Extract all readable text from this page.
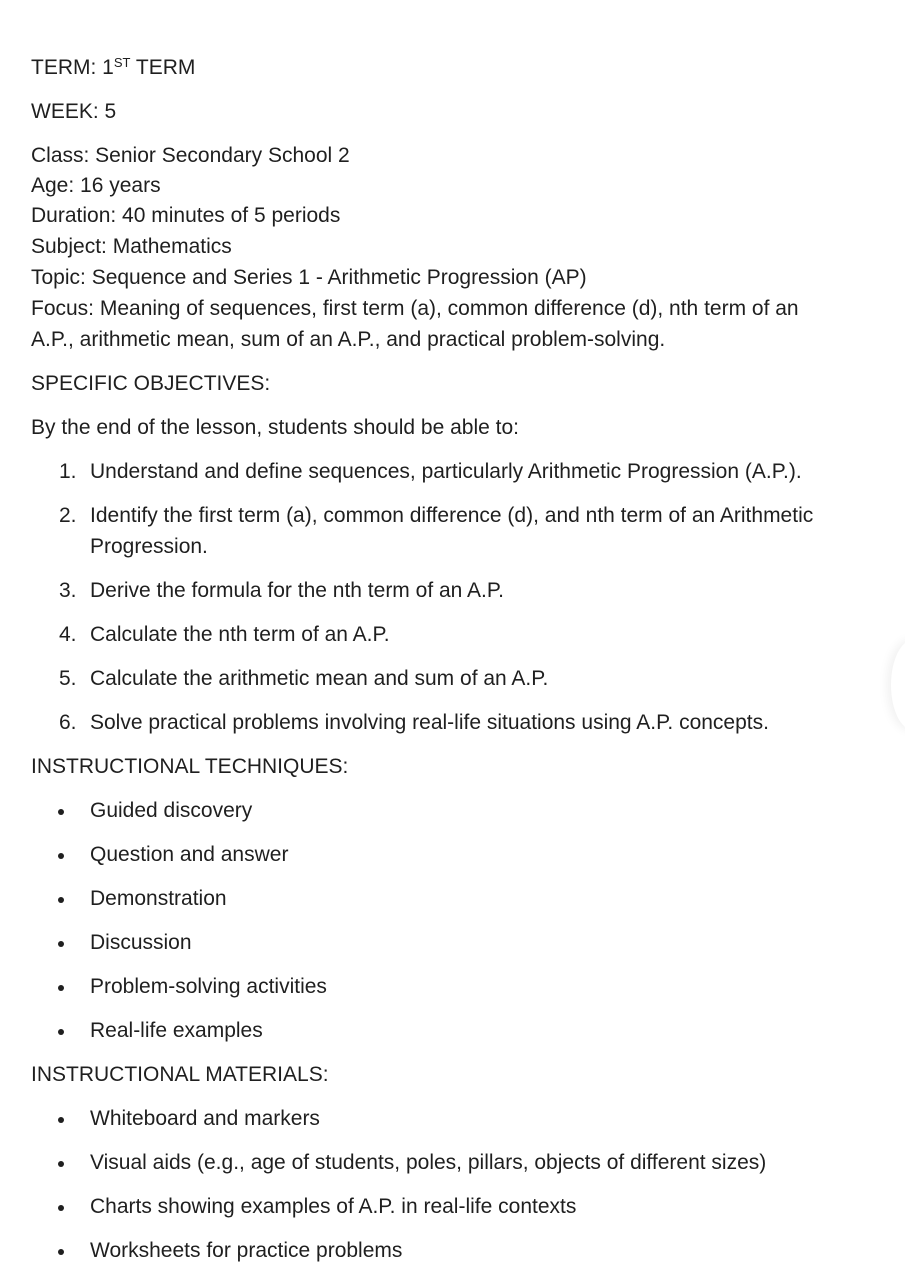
TERM: 1ST TERM
WEEK: 5
Class: Senior Secondary School 2
Age: 16 years
Duration: 40 minutes of 5 periods
Subject: Mathematics
Topic: Sequence and Series 1 - Arithmetic Progression (AP)
Focus: Meaning of sequences, first term (a), common difference (d), nth term of an
A.P., arithmetic mean, sum of an A.P., and practical problem-solving.
SPECIFIC OBJECTIVES:
By the end of the lesson, students should be able to:
1. Understand and define sequences, particularly Arithmetic Progression (A.P.).
2. Identify the first term (a), common difference (d), and nth term of an Arithmetic
Progression.
3. Derive the formula for the nth term of an A.P.
4. Calculate the nth term of an A.P.
5. Calculate the arithmetic mean and sum of an A.P.
6. Solve practical problems involving real-life situations using A.P. concepts.
INSTRUCTIONAL TECHNIQUES:
Guided discovery
Question and answer
Demonstration
Discussion
Problem-solving activities
Real-life examples
INSTRUCTIONAL MATERIALS:
Whiteboard and markers
Visual aids (e.g., age of students, poles, pillars, objects of different sizes)
Charts showing examples of A.P. in real-life contexts
Worksheets for practice problems
